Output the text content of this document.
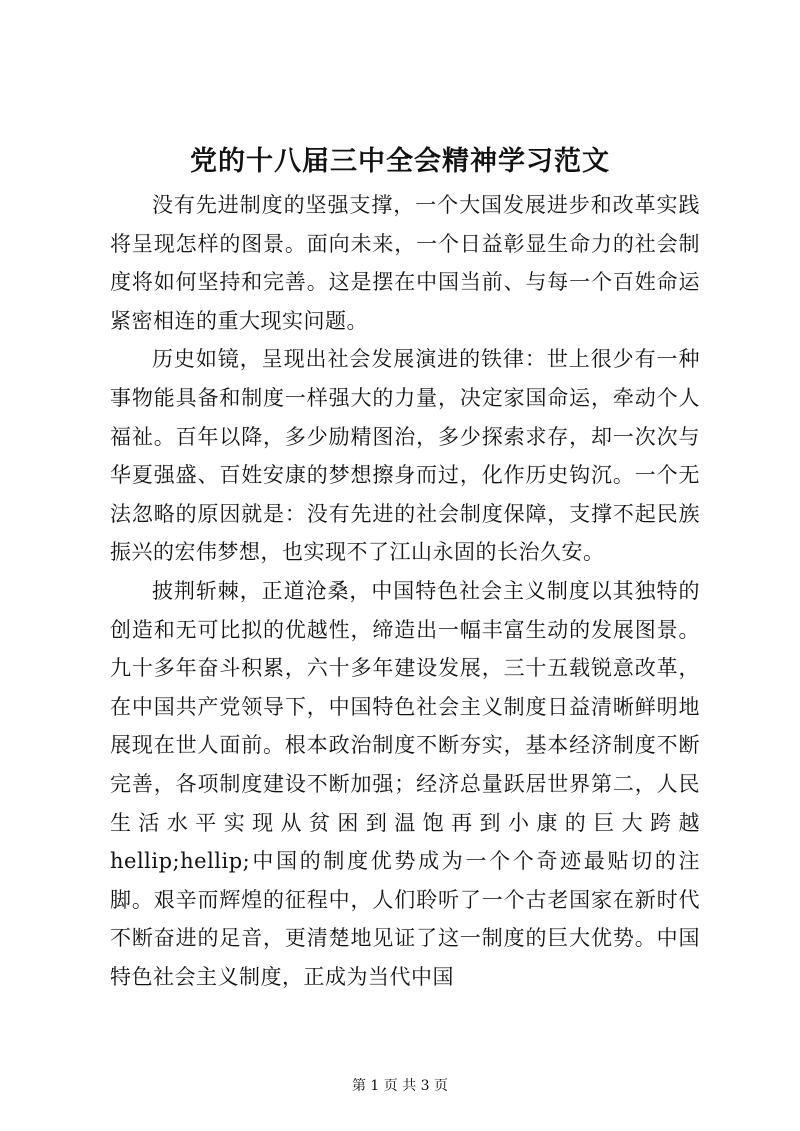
党的十八届三中全会精神学习范文

没有先进制度的坚强支撑，一个大国发展进步和改革实践将呈现怎样的图景。面向未来，一个日益彰显生命力的社会制度将如何坚持和完善。这是摆在中国当前、与每一个百姓命运紧密相连的重大现实问题。

历史如镜，呈现出社会发展演进的铁律：世上很少有一种事物能具备和制度一样强大的力量，决定家国命运，牵动个人福祉。百年以降，多少励精图治，多少探索求存，却一次次与华夏强盛、百姓安康的梦想擦身而过，化作历史钩沉。一个无法忽略的原因就是：没有先进的社会制度保障，支撑不起民族振兴的宏伟梦想，也实现不了江山永固的长治久安。

披荆斩棘，正道沧桑，中国特色社会主义制度以其独特的创造和无可比拟的优越性，缔造出一幅丰富生动的发展图景。九十多年奋斗积累，六十多年建设发展，三十五载锐意改革，在中国共产党领导下，中国特色社会主义制度日益清晰鲜明地展现在世人面前。根本政治制度不断夯实，基本经济制度不断完善，各项制度建设不断加强；经济总量跃居世界第二，人民生活水平实现从贫困到温饱再到小康的巨大跨越hellip;hellip;中国的制度优势成为一个个奇迹最贴切的注脚。艰辛而辉煌的征程中，人们聆听了一个古老国家在新时代不断奋进的足音，更清楚地见证了这一制度的巨大优势。中国特色社会主义制度，正成为当代中国

第 1 页 共 3 页
